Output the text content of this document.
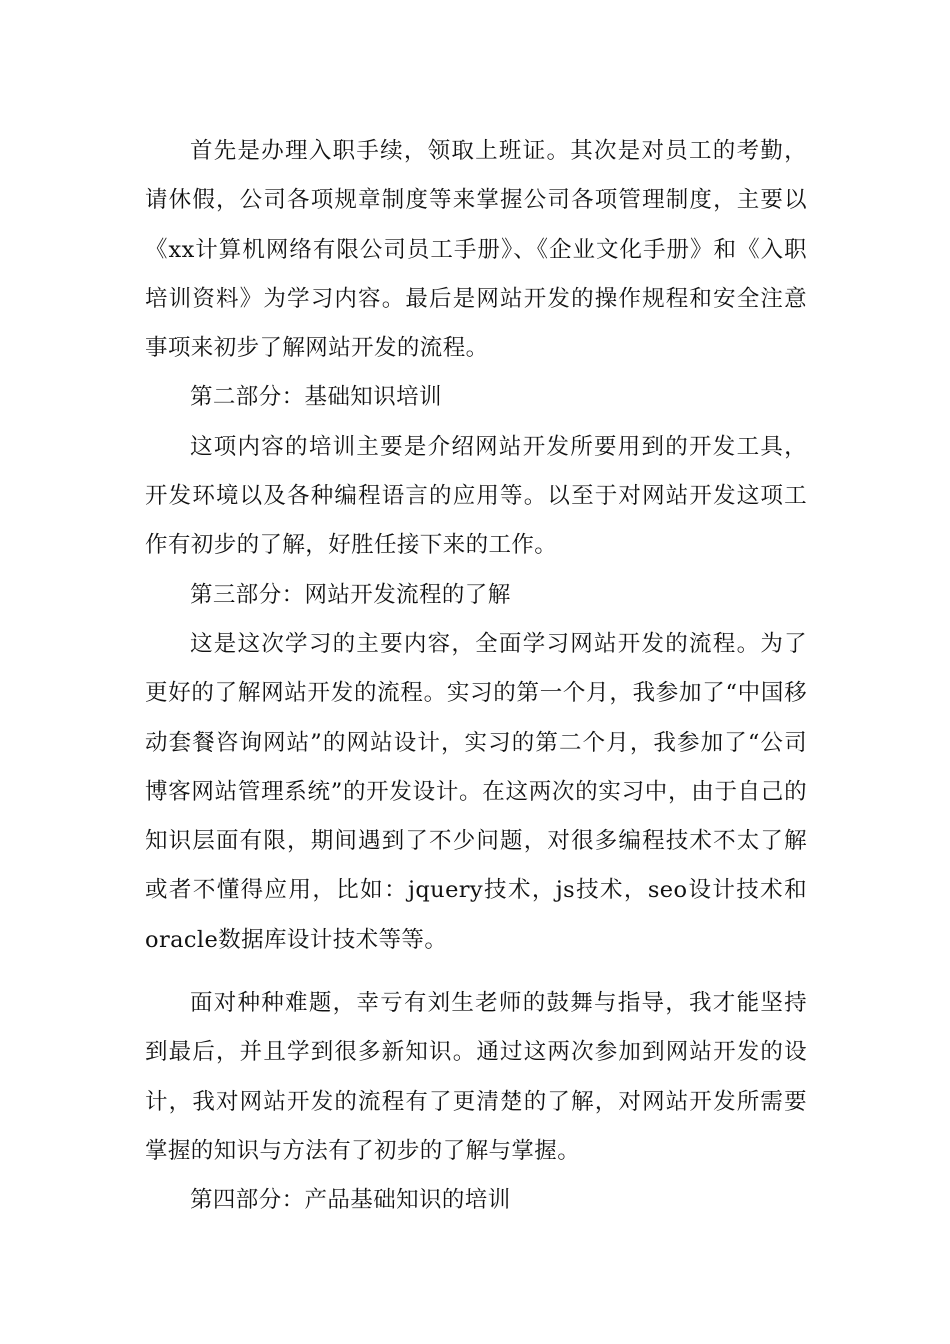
首先是办理入职手续，领取上班证。其次是对员工的考勤，请休假，公司各项规章制度等来掌握公司各项管理制度，主要以《xx计算机网络有限公司员工手册》、《企业文化手册》和《入职培训资料》为学习内容。最后是网站开发的操作规程和安全注意事项来初步了解网站开发的流程。

第二部分：基础知识培训

这项内容的培训主要是介绍网站开发所要用到的开发工具，开发环境以及各种编程语言的应用等。以至于对网站开发这项工作有初步的了解，好胜任接下来的工作。

第三部分：网站开发流程的了解

这是这次学习的主要内容，全面学习网站开发的流程。为了更好的了解网站开发的流程。实习的第一个月，我参加了“中国移动套餐咨询网站”的网站设计，实习的第二个月，我参加了“公司博客网站管理系统”的开发设计。在这两次的实习中，由于自己的知识层面有限，期间遇到了不少问题，对很多编程技术不太了解或者不懂得应用，比如：jquery技术，js技术，seo设计技术和oracle数据库设计技术等等。

面对种种难题，幸亏有刘生老师的鼓舞与指导，我才能坚持到最后，并且学到很多新知识。通过这两次参加到网站开发的设计，我对网站开发的流程有了更清楚的了解，对网站开发所需要掌握的知识与方法有了初步的了解与掌握。

第四部分：产品基础知识的培训
